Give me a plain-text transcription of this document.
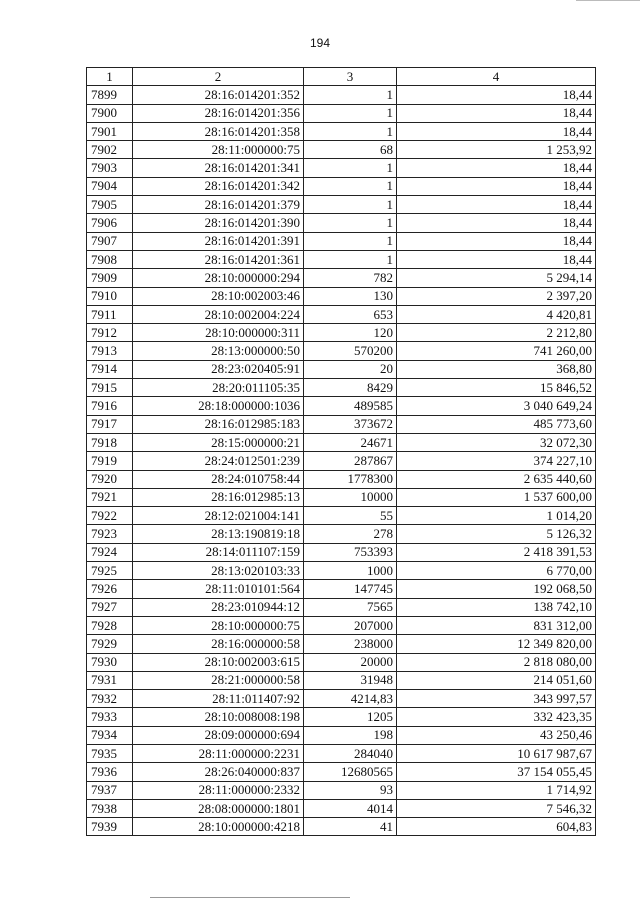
194
1	2	3	4
7899	28:16:014201:352	1	18,44
7900	28:16:014201:356	1	18,44
7901	28:16:014201:358	1	18,44
7902	28:11:000000:75	68	1 253,92
7903	28:16:014201:341	1	18,44
7904	28:16:014201:342	1	18,44
7905	28:16:014201:379	1	18,44
7906	28:16:014201:390	1	18,44
7907	28:16:014201:391	1	18,44
7908	28:16:014201:361	1	18,44
7909	28:10:000000:294	782	5 294,14
7910	28:10:002003:46	130	2 397,20
7911	28:10:002004:224	653	4 420,81
7912	28:10:000000:311	120	2 212,80
7913	28:13:000000:50	570200	741 260,00
7914	28:23:020405:91	20	368,80
7915	28:20:011105:35	8429	15 846,52
7916	28:18:000000:1036	489585	3 040 649,24
7917	28:16:012985:183	373672	485 773,60
7918	28:15:000000:21	24671	32 072,30
7919	28:24:012501:239	287867	374 227,10
7920	28:24:010758:44	1778300	2 635 440,60
7921	28:16:012985:13	10000	1 537 600,00
7922	28:12:021004:141	55	1 014,20
7923	28:13:190819:18	278	5 126,32
7924	28:14:011107:159	753393	2 418 391,53
7925	28:13:020103:33	1000	6 770,00
7926	28:11:010101:564	147745	192 068,50
7927	28:23:010944:12	7565	138 742,10
7928	28:10:000000:75	207000	831 312,00
7929	28:16:000000:58	238000	12 349 820,00
7930	28:10:002003:615	20000	2 818 080,00
7931	28:21:000000:58	31948	214 051,60
7932	28:11:011407:92	4214,83	343 997,57
7933	28:10:008008:198	1205	332 423,35
7934	28:09:000000:694	198	43 250,46
7935	28:11:000000:2231	284040	10 617 987,67
7936	28:26:040000:837	12680565	37 154 055,45
7937	28:11:000000:2332	93	1 714,92
7938	28:08:000000:1801	4014	7 546,32
7939	28:10:000000:4218	41	604,83
